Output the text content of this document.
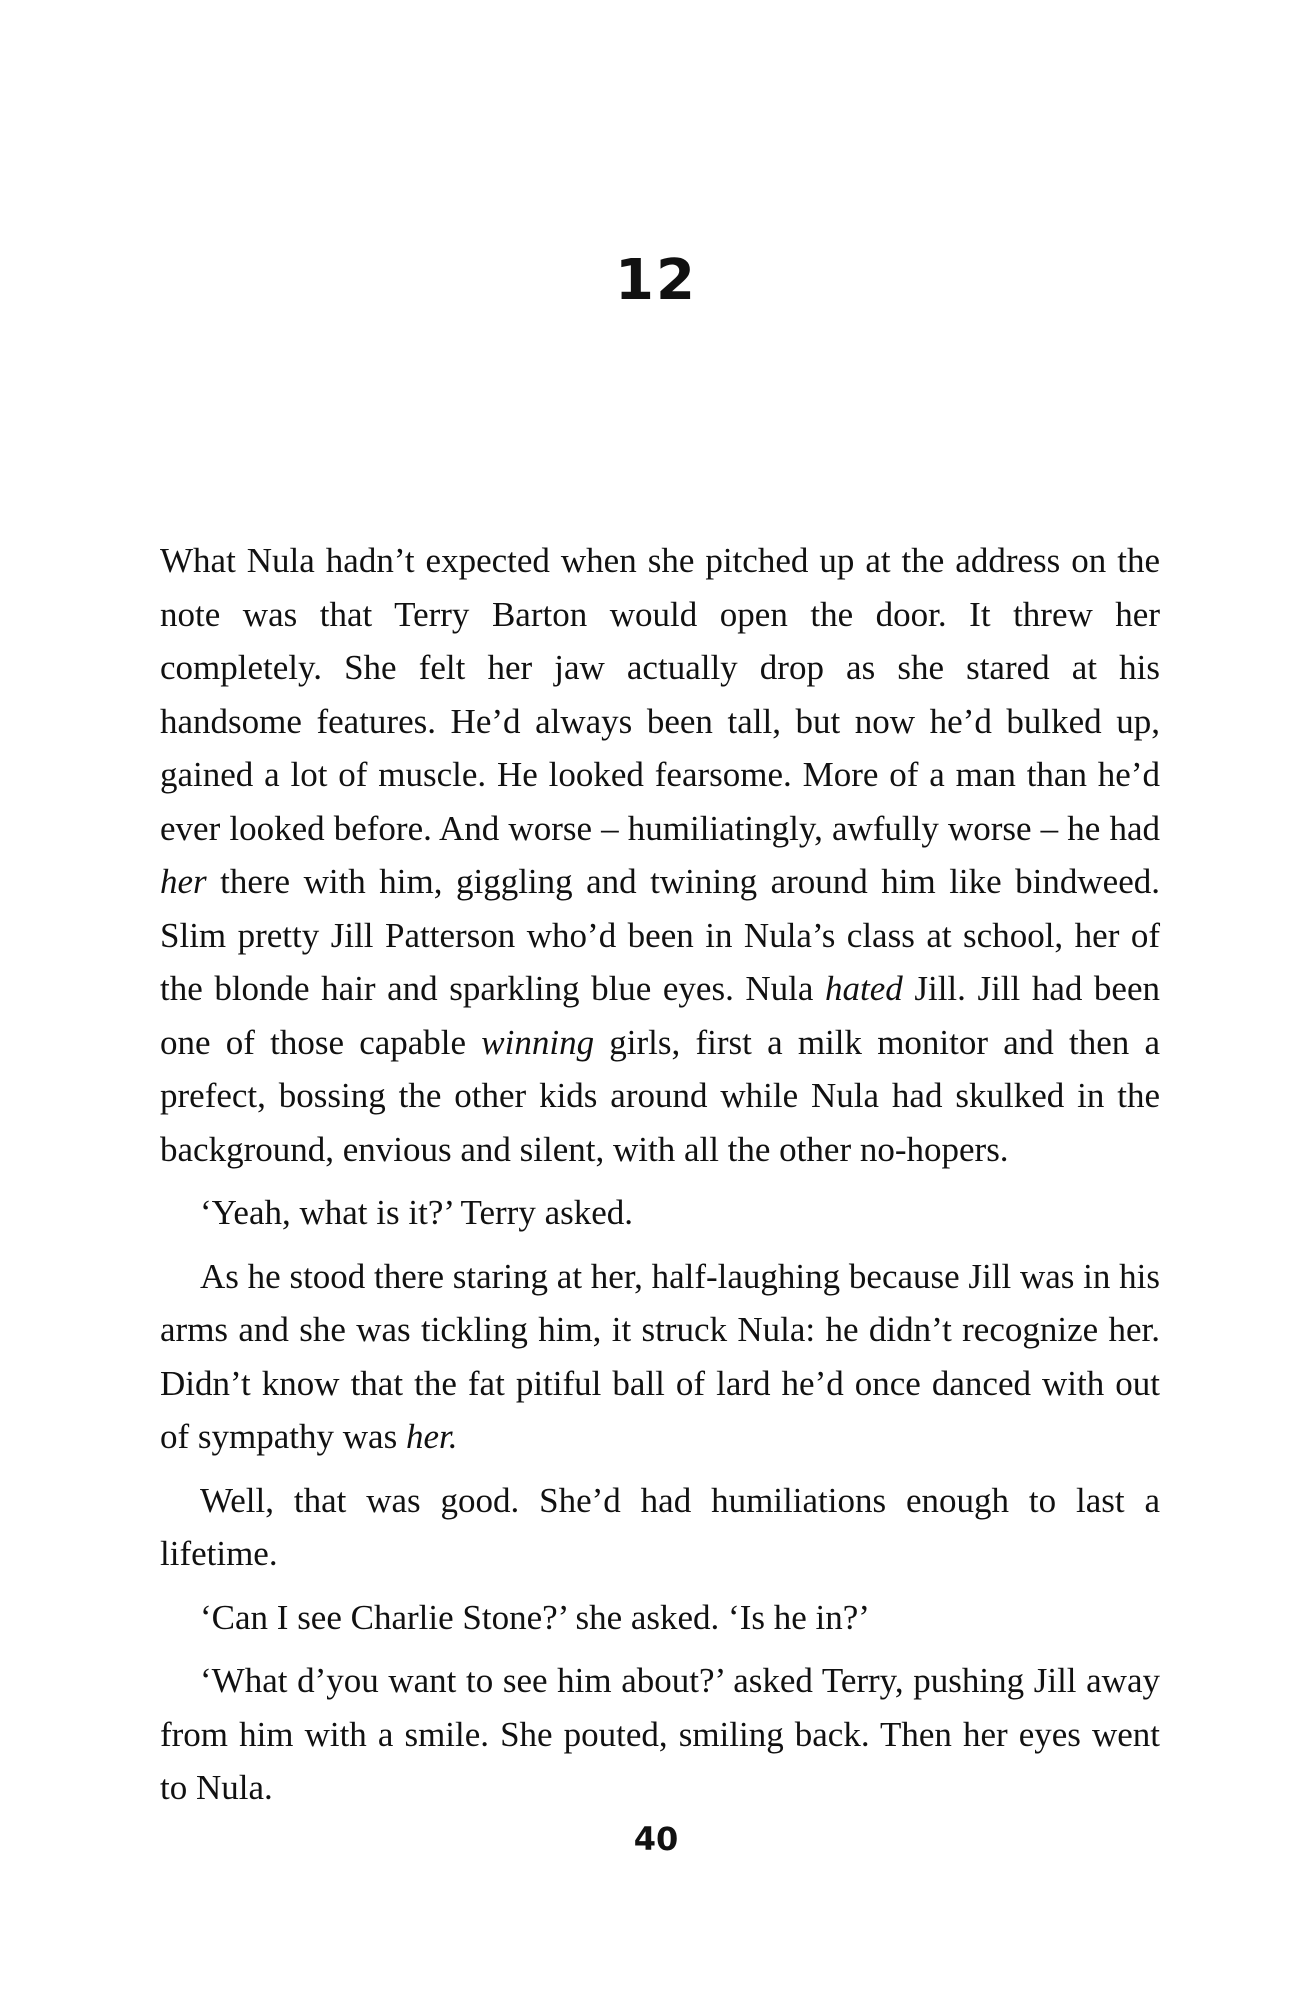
12

What Nula hadn’t expected when she pitched up at the address on the note was that Terry Barton would open the door. It threw her completely. She felt her jaw actually drop as she stared at his handsome features. He’d always been tall, but now he’d bulked up, gained a lot of muscle. He looked fearsome. More of a man than he’d ever looked before. And worse – humiliatingly, awfully worse – he had her there with him, giggling and twining around him like bindweed. Slim pretty Jill Patterson who’d been in Nula’s class at school, her of the blonde hair and sparkling blue eyes. Nula hated Jill. Jill had been one of those capable winning girls, first a milk monitor and then a prefect, bossing the other kids around while Nula had skulked in the background, envious and silent, with all the other no-hopers.

‘Yeah, what is it?’ Terry asked.

As he stood there staring at her, half-laughing because Jill was in his arms and she was tickling him, it struck Nula: he didn’t recognize her. Didn’t know that the fat pitiful ball of lard he’d once danced with out of sympathy was her.

Well, that was good. She’d had humiliations enough to last a lifetime.

‘Can I see Charlie Stone?’ she asked. ‘Is he in?’

‘What d’you want to see him about?’ asked Terry, pushing Jill away from him with a smile. She pouted, smiling back. Then her eyes went to Nula.

40
